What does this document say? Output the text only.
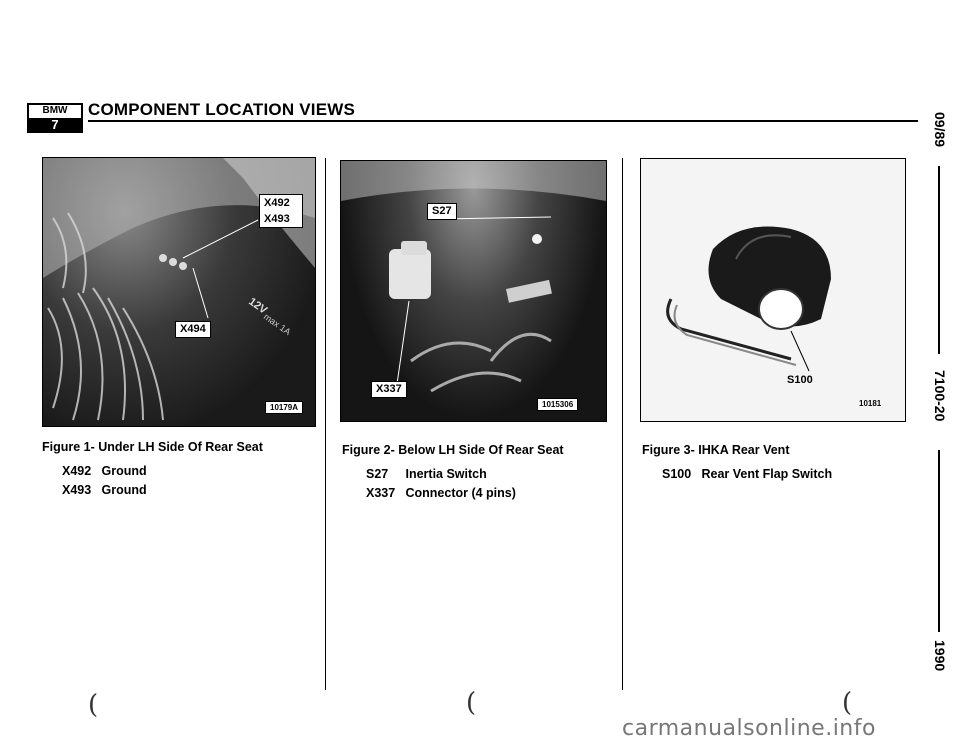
BMW
7
COMPONENT LOCATION VIEWS
12V
max 1A
X492
X493
X494
10179A
S27
X337
1015306
S100
10181
Figure 1- Under LH Side Of Rear Seat
X492 Ground
X493 Ground
Figure 2- Below LH Side Of Rear Seat
S27 Inertia Switch
X337 Connector (4 pins)
Figure 3- IHKA Rear Vent
S100 Rear Vent Flap Switch
09/89
7100-20
1990
(	(	(
carmanualsonline.info
